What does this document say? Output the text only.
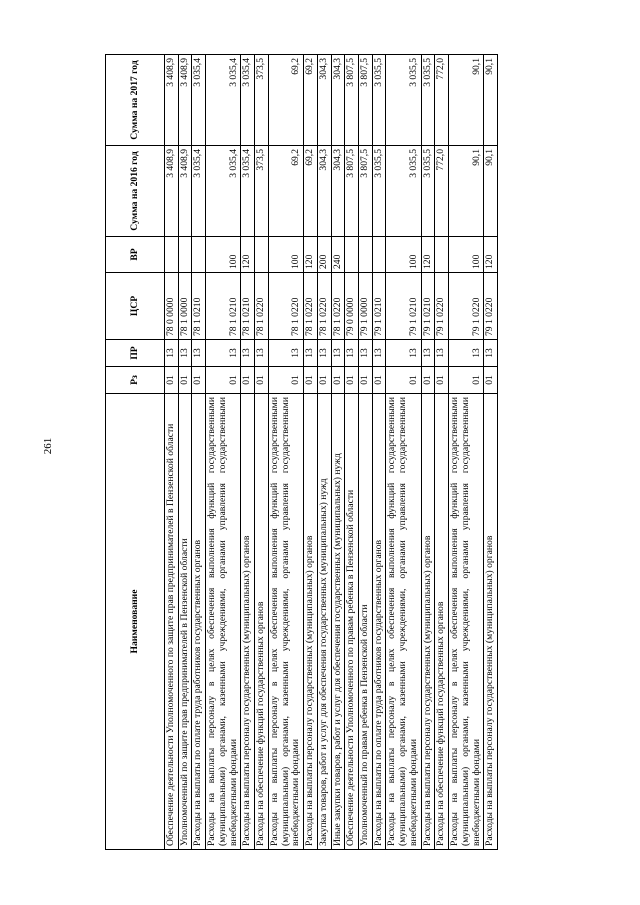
261
Наименование	Рз	ПР	ЦСР	ВР	Сумма на 2016 год	Сумма на 2017 год
Обеспечение деятельности Уполномоченного по защите прав предпринимателей в Пензенской области	01	13	78 0 0000		3 408,9	3 408,9
Уполномоченный по защите прав предпринимателей в Пензенской области	01	13	78 1 0000		3 408,9	3 408,9
Расходы на выплаты по оплате труда работников государственных органов	01	13	78 1 0210		3 035,4	3 035,4
Расходы на выплаты персоналу в целях обеспечения выполнения функций государственными (муниципальными) органами, казенными учреждениями, органами управления государственными внебюджетными фондами	01	13	78 1 0210	100	3 035,4	3 035,4
Расходы на выплаты персоналу государственных (муниципальных) органов	01	13	78 1 0210	120	3 035,4	3 035,4
Расходы на обеспечение функций государственных органов	01	13	78 1 0220		373,5	373,5
Расходы на выплаты персоналу в целях обеспечения выполнения функций государственными (муниципальными) органами, казенными учреждениями, органами управления государственными внебюджетными фондами	01	13	78 1 0220	100	69,2	69,2
Расходы на выплаты персоналу государственных (муниципальных) органов	01	13	78 1 0220	120	69,2	69,2
Закупка товаров, работ и услуг для обеспечения государственных (муниципальных) нужд	01	13	78 1 0220	200	304,3	304,3
Иные закупки товаров, работ и услуг для обеспечения государственных (муниципальных) нужд	01	13	78 1 0220	240	304,3	304,3
Обеспечение деятельности Уполномоченного по правам ребенка в Пензенской области	01	13	79 0 0000		3 807,5	3 807,5
Уполномоченный по правам ребенка в Пензенской области	01	13	79 1 0000		3 807,5	3 807,5
Расходы на выплаты по оплате труда работников государственных органов	01	13	79 1 0210		3 035,5	3 035,5
Расходы на выплаты персоналу в целях обеспечения выполнения функций государственными (муниципальными) органами, казенными учреждениями, органами управления государственными внебюджетными фондами	01	13	79 1 0210	100	3 035,5	3 035,5
Расходы на выплаты персоналу государственных (муниципальных) органов	01	13	79 1 0210	120	3 035,5	3 035,5
Расходы на обеспечение функций государственных органов	01	13	79 1 0220		772,0	772,0
Расходы на выплаты персоналу в целях обеспечения выполнения функций государственными (муниципальными) органами, казенными учреждениями, органами управления государственными внебюджетными фондами	01	13	79 1 0220	100	90,1	90,1
Расходы на выплаты персоналу государственных (муниципальных) органов	01	13	79 1 0220	120	90,1	90,1
